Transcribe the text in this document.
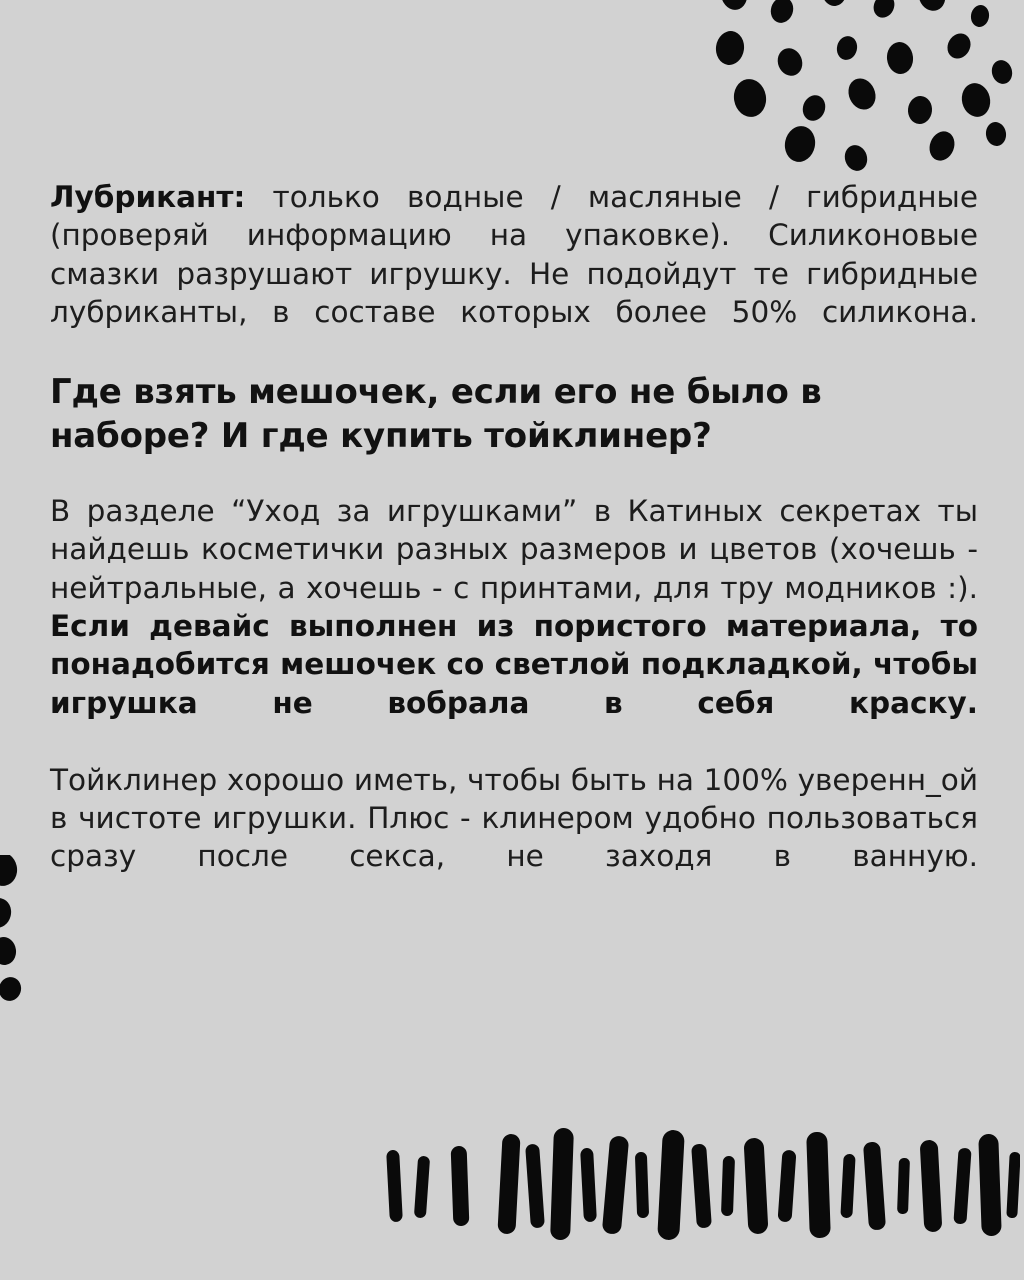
Лубрикант: только водные / масляные / гибридные (проверяй информацию на упаковке). Силиконовые смазки разрушают игрушку. Не подойдут те гибридные лубриканты, в составе которых более 50% силикона.

Где взять мешочек, если его не было в наборе? И где купить тойклинер?

В разделе “Уход за игрушками” в Катиных секретах ты найдешь косметички разных размеров и цветов (хочешь - нейтральные, а хочешь - с принтами, для тру модников :). Если девайс выполнен из пористого материала, то понадобится мешочек со светлой подкладкой, чтобы игрушка не вобрала в себя краску.

Тойклинер хорошо иметь, чтобы быть на 100% уверенн_ой в чистоте игрушки. Плюс - клинером удобно пользоваться сразу после секса, не заходя в ванную.
